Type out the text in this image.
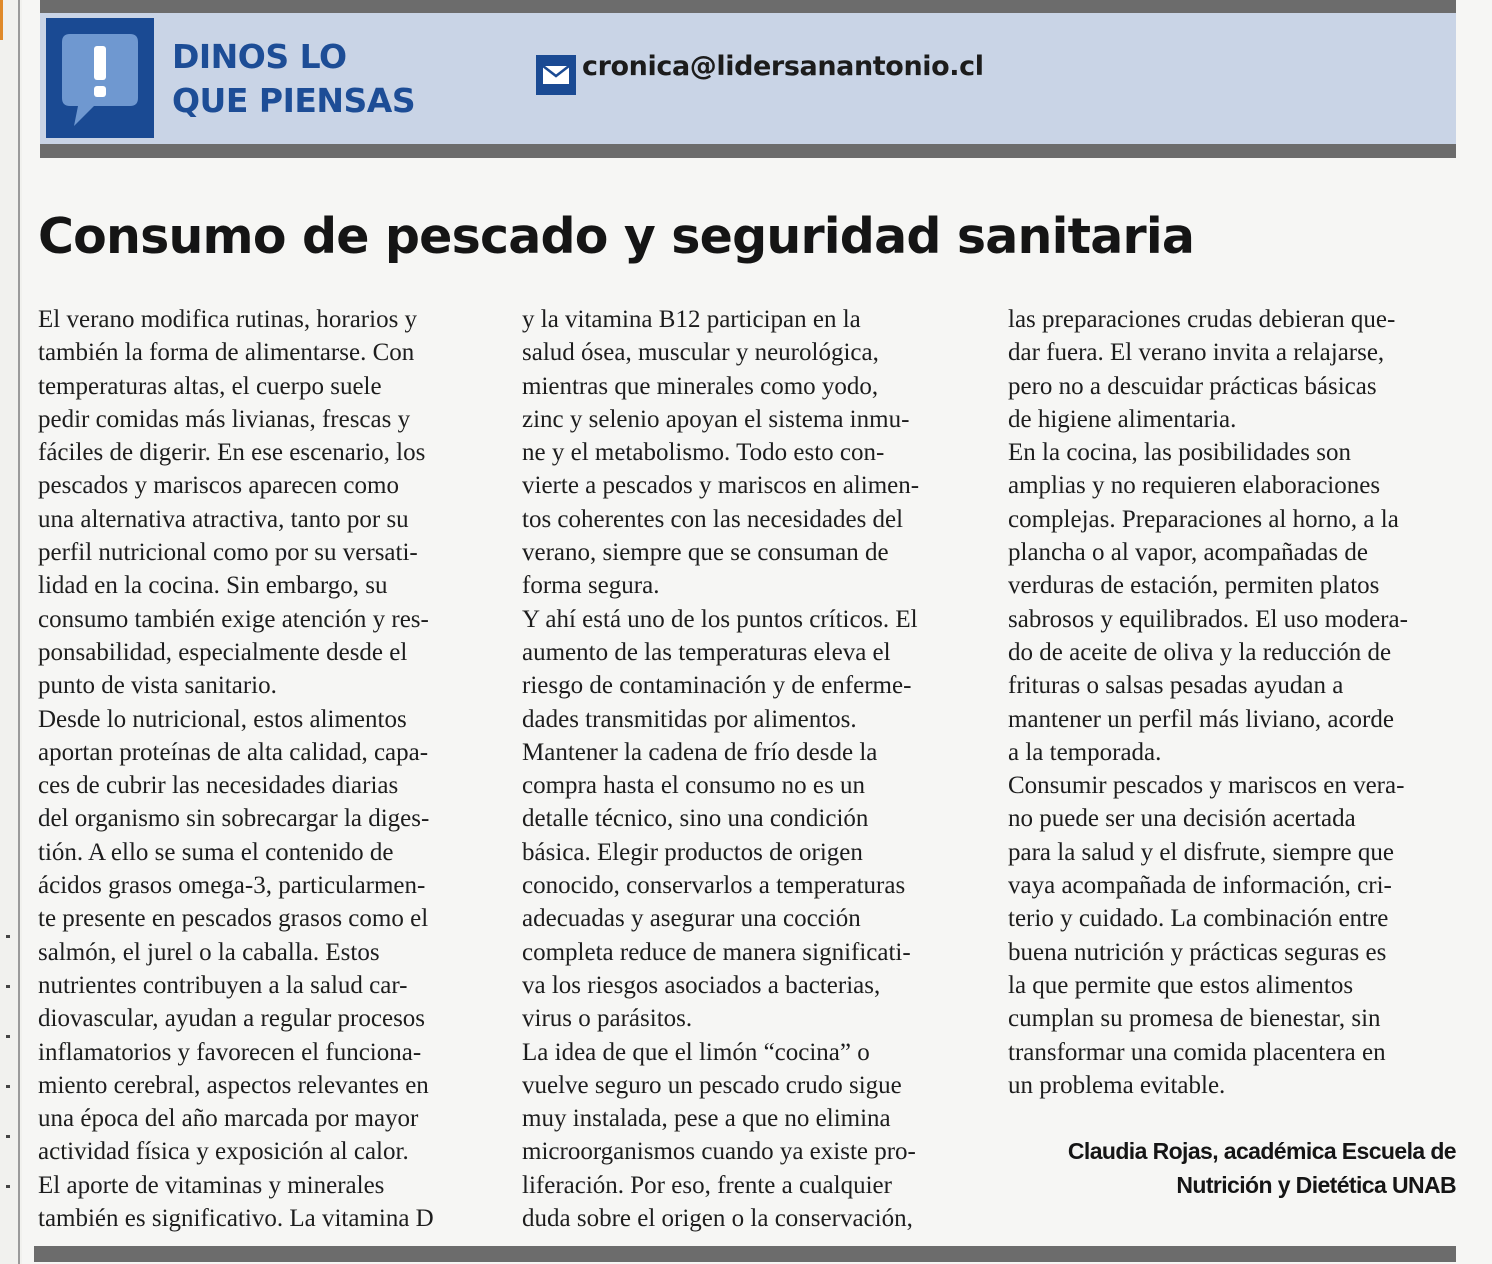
DINOS LO
QUE PIENSAS
cronica@lidersanantonio.cl
Consumo de pescado y seguridad sanitaria
El verano modifica rutinas, horarios y
también la forma de alimentarse. Con
temperaturas altas, el cuerpo suele
pedir comidas más livianas, frescas y
fáciles de digerir. En ese escenario, los
pescados y mariscos aparecen como
una alternativa atractiva, tanto por su
perfil nutricional como por su versati-
lidad en la cocina. Sin embargo, su
consumo también exige atención y res-
ponsabilidad, especialmente desde el
punto de vista sanitario.
Desde lo nutricional, estos alimentos
aportan proteínas de alta calidad, capa-
ces de cubrir las necesidades diarias
del organismo sin sobrecargar la diges-
tión. A ello se suma el contenido de
ácidos grasos omega-3, particularmen-
te presente en pescados grasos como el
salmón, el jurel o la caballa. Estos
nutrientes contribuyen a la salud car-
diovascular, ayudan a regular procesos
inflamatorios y favorecen el funciona-
miento cerebral, aspectos relevantes en
una época del año marcada por mayor
actividad física y exposición al calor.
El aporte de vitaminas y minerales
también es significativo. La vitamina D
y la vitamina B12 participan en la
salud ósea, muscular y neurológica,
mientras que minerales como yodo,
zinc y selenio apoyan el sistema inmu-
ne y el metabolismo. Todo esto con-
vierte a pescados y mariscos en alimen-
tos coherentes con las necesidades del
verano, siempre que se consuman de
forma segura.
Y ahí está uno de los puntos críticos. El
aumento de las temperaturas eleva el
riesgo de contaminación y de enferme-
dades transmitidas por alimentos.
Mantener la cadena de frío desde la
compra hasta el consumo no es un
detalle técnico, sino una condición
básica. Elegir productos de origen
conocido, conservarlos a temperaturas
adecuadas y asegurar una cocción
completa reduce de manera significati-
va los riesgos asociados a bacterias,
virus o parásitos.
La idea de que el limón “cocina” o
vuelve seguro un pescado crudo sigue
muy instalada, pese a que no elimina
microorganismos cuando ya existe pro-
liferación. Por eso, frente a cualquier
duda sobre el origen o la conservación,
las preparaciones crudas debieran que-
dar fuera. El verano invita a relajarse,
pero no a descuidar prácticas básicas
de higiene alimentaria.
En la cocina, las posibilidades son
amplias y no requieren elaboraciones
complejas. Preparaciones al horno, a la
plancha o al vapor, acompañadas de
verduras de estación, permiten platos
sabrosos y equilibrados. El uso modera-
do de aceite de oliva y la reducción de
frituras o salsas pesadas ayudan a
mantener un perfil más liviano, acorde
a la temporada.
Consumir pescados y mariscos en vera-
no puede ser una decisión acertada
para la salud y el disfrute, siempre que
vaya acompañada de información, cri-
terio y cuidado. La combinación entre
buena nutrición y prácticas seguras es
la que permite que estos alimentos
cumplan su promesa de bienestar, sin
transformar una comida placentera en
un problema evitable.
Claudia Rojas, académica Escuela de
Nutrición y Dietética UNAB
